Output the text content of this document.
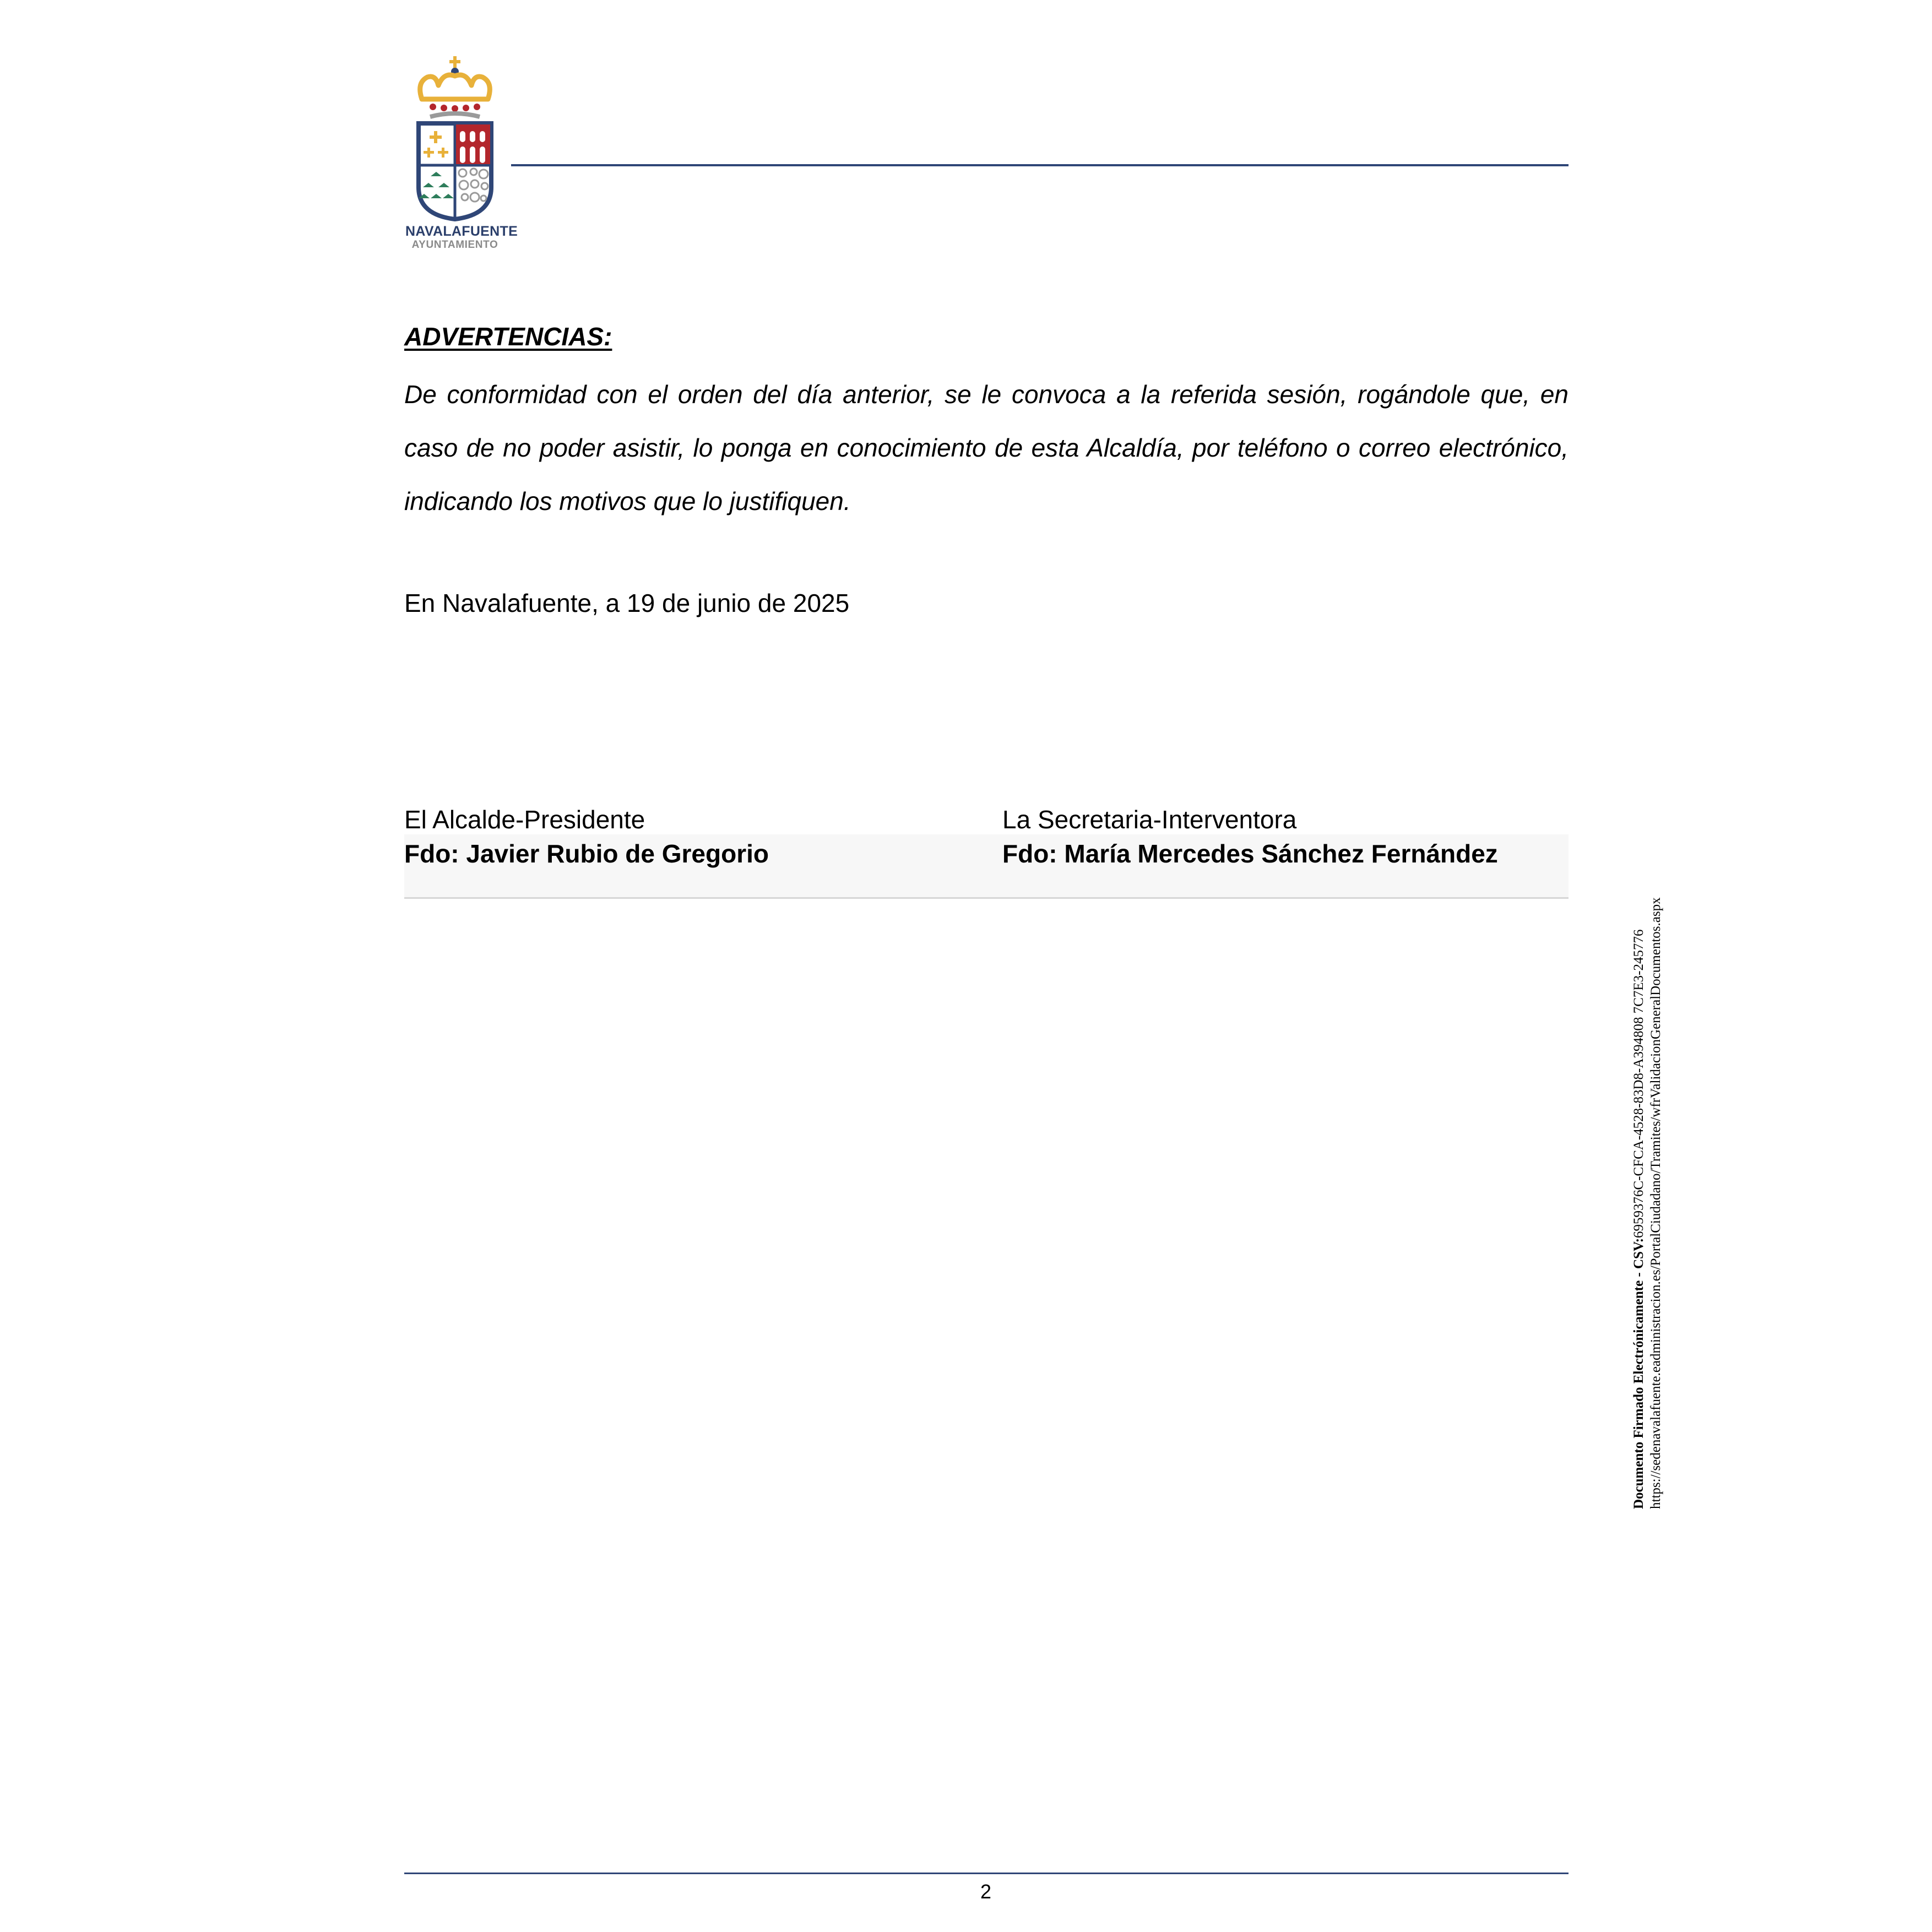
NAVALAFUENTE
AYUNTAMIENTO
ADVERTENCIAS:
De conformidad con el orden del día anterior, se le convoca a la referida sesión, rogándole que, en caso de no poder asistir, lo ponga en conocimiento de esta Alcaldía, por teléfono o correo electrónico, indicando los motivos que lo justifiquen.
En Navalafuente, a 19 de junio de 2025
El Alcalde-Presidente
Fdo: Javier Rubio de Gregorio
La Secretaria-Interventora
Fdo: María Mercedes Sánchez Fernández
Documento Firmado Electrónicamente - CSV:6959376C-CFCA-4528-83D8-A394808 7C7E3-245776 https://sedenavalafuente.eadministracion.es/PortalCiudadano/Tramites/wfrValidacionGeneralDocumentos.aspx
2
